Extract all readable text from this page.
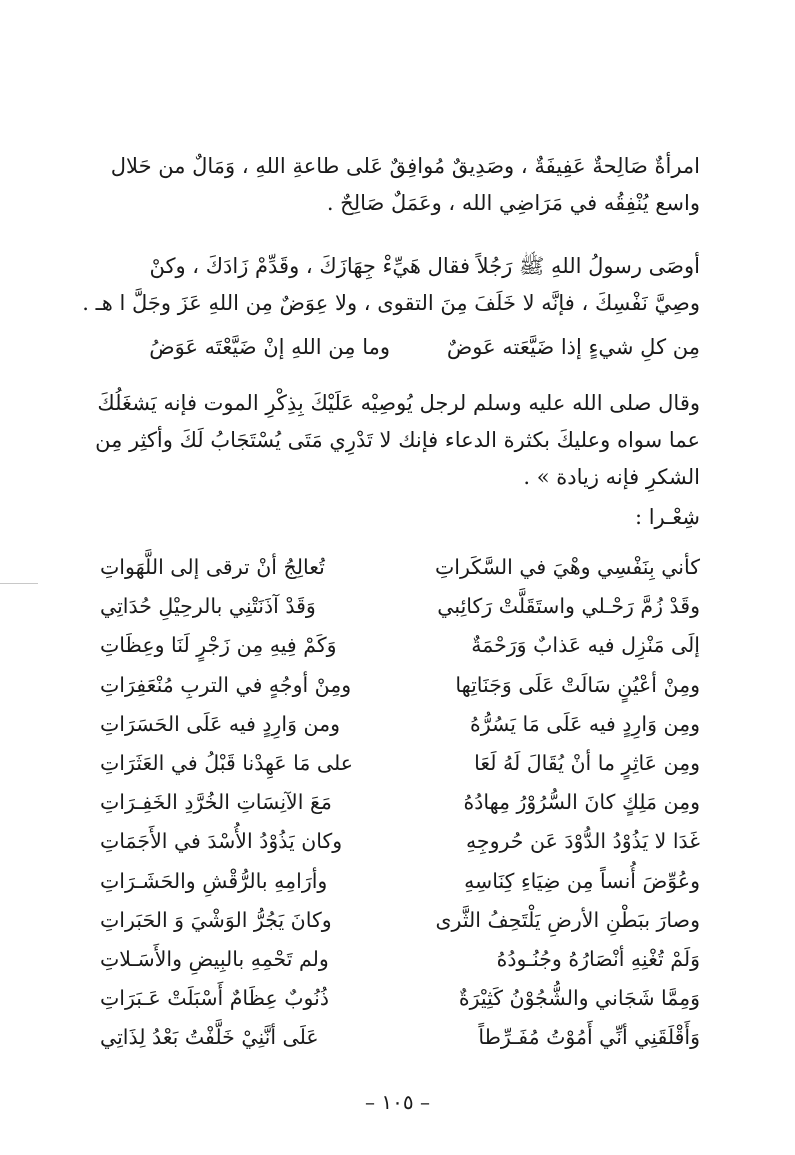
امرأةٌ صَالِحةٌ عَفِيفَةٌ ، وصَدِيقٌ مُوافِقٌ عَلى طاعةِ اللهِ ، وَمَالٌ من حَلال
واسع يُنْفِقُه في مَرَاضِي الله ، وعَمَلٌ صَالِحٌ .
أوصَى رسولُ اللهِ ﷺ رَجُلاً فقال هَيِّءْ جِهَازَكَ ، وقَدِّمْ زَادَكَ ، وكنْ
وصِيَّ نَفْسِكَ ، فإنَّه لا خَلَفَ مِنَ التقوى ، ولا عِوَضٌ مِن اللهِ عَزَ وجَلَّ ا هـ .
مِن كلِ شيءٍ إذا ضَيَّعَته عَوضٌ
وما مِن اللهِ إنْ ضَيَّعْتَه عَوَضُ
وقال صلى الله عليه وسلم لرجل يُوصِيْه عَلَيْكَ بِذِكْرِ الموت فإنه يَشغَلُكَ
عما سواه وعليكَ بكثرة الدعاء فإنك لا تَدْرِي مَتَى يُسْتَجَابُ لَكَ وأكثِر مِن
الشكرِ فإنه زيادة » .
شِعْـرا :
كأني بِنَفْسِي وهْيَ في السَّكَراتِ
تُعالِجُ أنْ ترقى إلى اللَّهَواتِ
وقَدْ زُمَّ رَحْـلي واستَقَلَّتْ رَكائِبي
وَقَدْ آذَنَتْنِي بالرحِيْلِ حُدَاتِي
إلَى مَنْزِل فيه عَذابٌ وَرَحْمَةٌ
وَكَمْ فِيهِ مِن زَجْرٍ لَنَا وعِظَاتِ
ومِنْ أعْيُنٍ سَالَتْ عَلَى وَجَنَاتِها
ومِنْ أوجُهٍ في التربِ مُنْعَفِرَاتِ
ومِن وَارِدٍ فيه عَلَى مَا يَسُرُّهُ
ومن وَارِدٍ فيه عَلَى الحَسَرَاتِ
ومِن عَاثِرٍ ما أنْ يُقَالَ لَهُ لَعَا
على مَا عَهِدْنا قَبْلُ في العَثَرَاتِ
ومِن مَلِكٍ كانَ السُّرُوْرُ مِهادُهُ
مَعَ الآنِسَاتِ الخُرَّدِ الخَفِـرَاتِ
غَدَا لا يَذُوْدُ الدُّوْدَ عَن حُروجِهِ
وكان يَذُوْدُ الأُسْدَ في الأَجَمَاتِ
وعُوِّضَ أُنساً مِن ضِيَاءِ كِنَاسِهِ
وأرَامِهِ بالرُّقْشِ والحَشَـرَاتِ
وصارَ ببَطْنِ الأرضِ يَلْتَحِفُ الثَّرى
وكانَ يَجُرُّ الوَشْيَ وَ الحَبَراتِ
وَلَمْ تُغْنِهِ أنْصَارُهُ وجُنُـودُهُ
ولم تَحْمِهِ بالبِيضِ والأَسَـلاتِ
وَمِمَّا شَجَاني والشُّجُوْنُ كَثِيْرَةٌ
ذُنُوبٌ عِظَامٌ أَسْبَلَتْ عَـبَرَاتِ
وَأَقْلَقَنِي أنِّي أَمُوْتُ مُفَـرِّطاً
عَلَى أنَّنِيْ خَلَّفْتُ بَعْدُ لِذَاتِي
– ١٠٥ –
